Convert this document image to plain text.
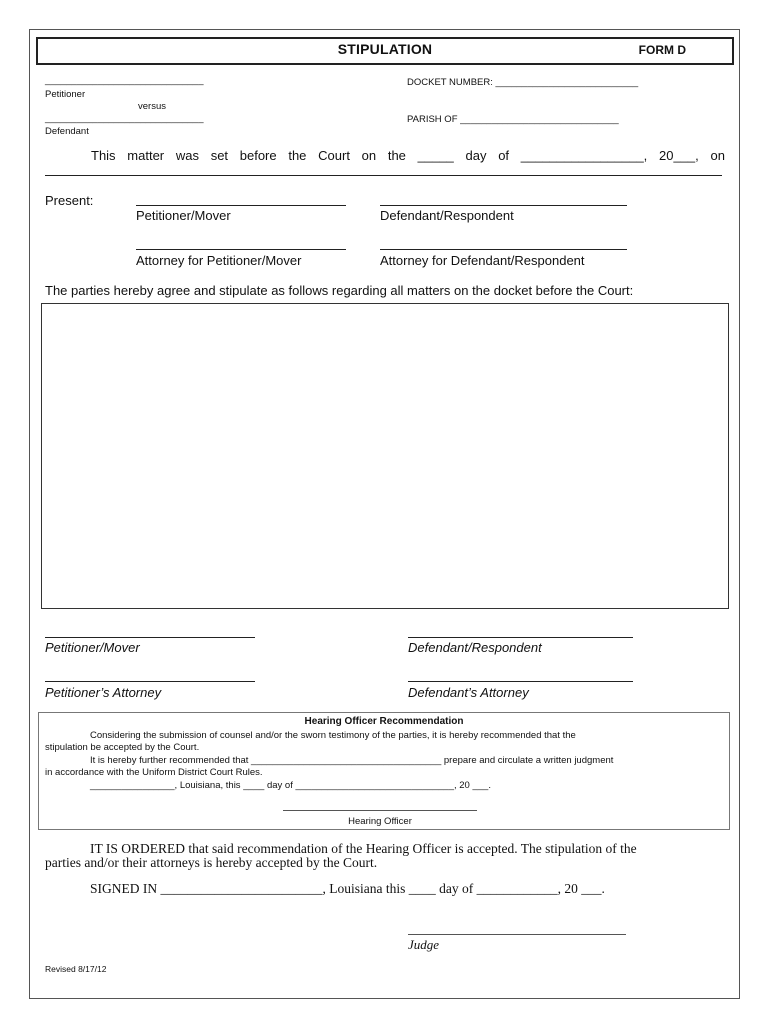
STIPULATION	FORM D
______________________________
Petitioner
versus
______________________________
Defendant
DOCKET NUMBER: ___________________________
PARISH OF ______________________________
This matter was set before the Court on the _____ day of _________________, 20___, on
Present:
Petitioner/Mover	Defendant/Respondent
Attorney for Petitioner/Mover	Attorney for Defendant/Respondent
The parties hereby agree and stipulate as follows regarding all matters on the docket before the Court:
Petitioner/Mover	Defendant/Respondent
Petitioner’s Attorney	Defendant’s Attorney
Hearing Officer Recommendation
Considering the submission of counsel and/or the sworn testimony of the parties, it is hereby recommended that the
stipulation be accepted by the Court.
It is hereby further recommended that ____________________________________ prepare and circulate a written judgment
in accordance with the Uniform District Court Rules.
________________, Louisiana, this ____ day of ______________________________, 20 ___.
Hearing Officer
IT IS ORDERED that said recommendation of the Hearing Officer is accepted. The stipulation of the
parties and/or their attorneys is hereby accepted by the Court.
SIGNED IN ________________________, Louisiana this ____ day of ____________, 20 ___.
Judge
Revised 8/17/12
